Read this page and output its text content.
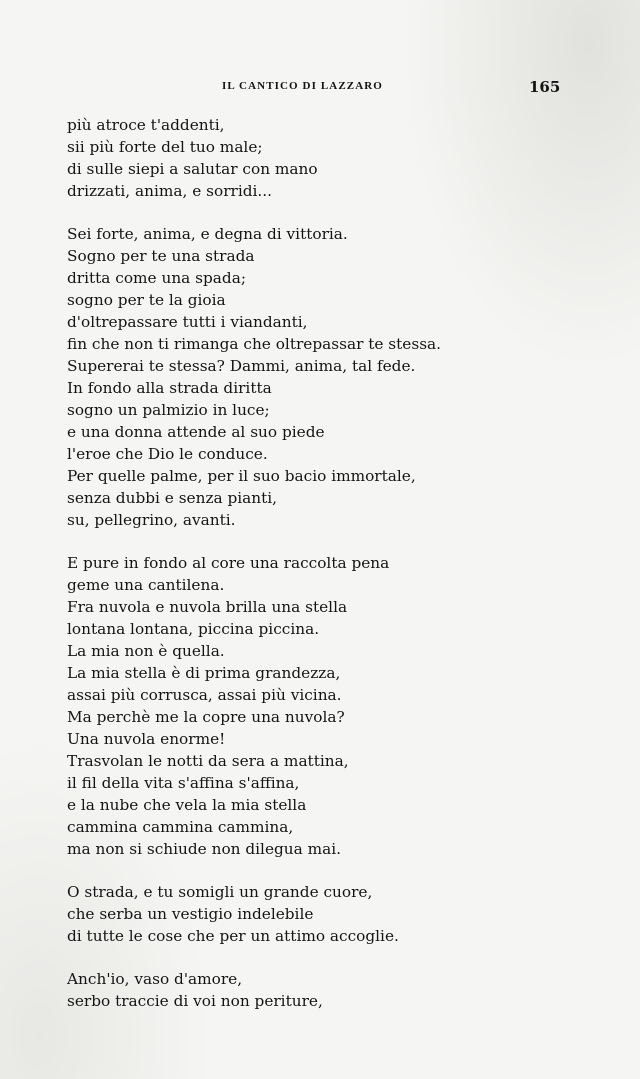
IL CANTICO DI LAZZARO	165
più atroce t'addenti,
sii più forte del tuo male;
di sulle siepi a salutar con mano
drizzati, anima, e sorridi...
Sei forte, anima, e degna di vittoria.
Sogno per te una strada
dritta come una spada;
sogno per te la gioia
d'oltrepassare tutti i viandanti,
fin che non ti rimanga che oltrepassar te stessa.
Supererai te stessa? Dammi, anima, tal fede.
In fondo alla strada diritta
sogno un palmizio in luce;
e una donna attende al suo piede
l'eroe che Dio le conduce.
Per quelle palme, per il suo bacio immortale,
senza dubbi e senza pianti,
su, pellegrino, avanti.
E pure in fondo al core una raccolta pena
geme una cantilena.
Fra nuvola e nuvola brilla una stella
lontana lontana, piccina piccina.
La mia non è quella.
La mia stella è di prima grandezza,
assai più corrusca, assai più vicina.
Ma perchè me la copre una nuvola?
Una nuvola enorme!
Trasvolan le notti da sera a mattina,
il fil della vita s'affina s'affina,
e la nube che vela la mia stella
cammina cammina cammina,
ma non si schiude non dilegua mai.
O strada, e tu somigli un grande cuore,
che serba un vestigio indelebile
di tutte le cose che per un attimo accoglie.
Anch'io, vaso d'amore,
serbo traccie di voi non periture,
